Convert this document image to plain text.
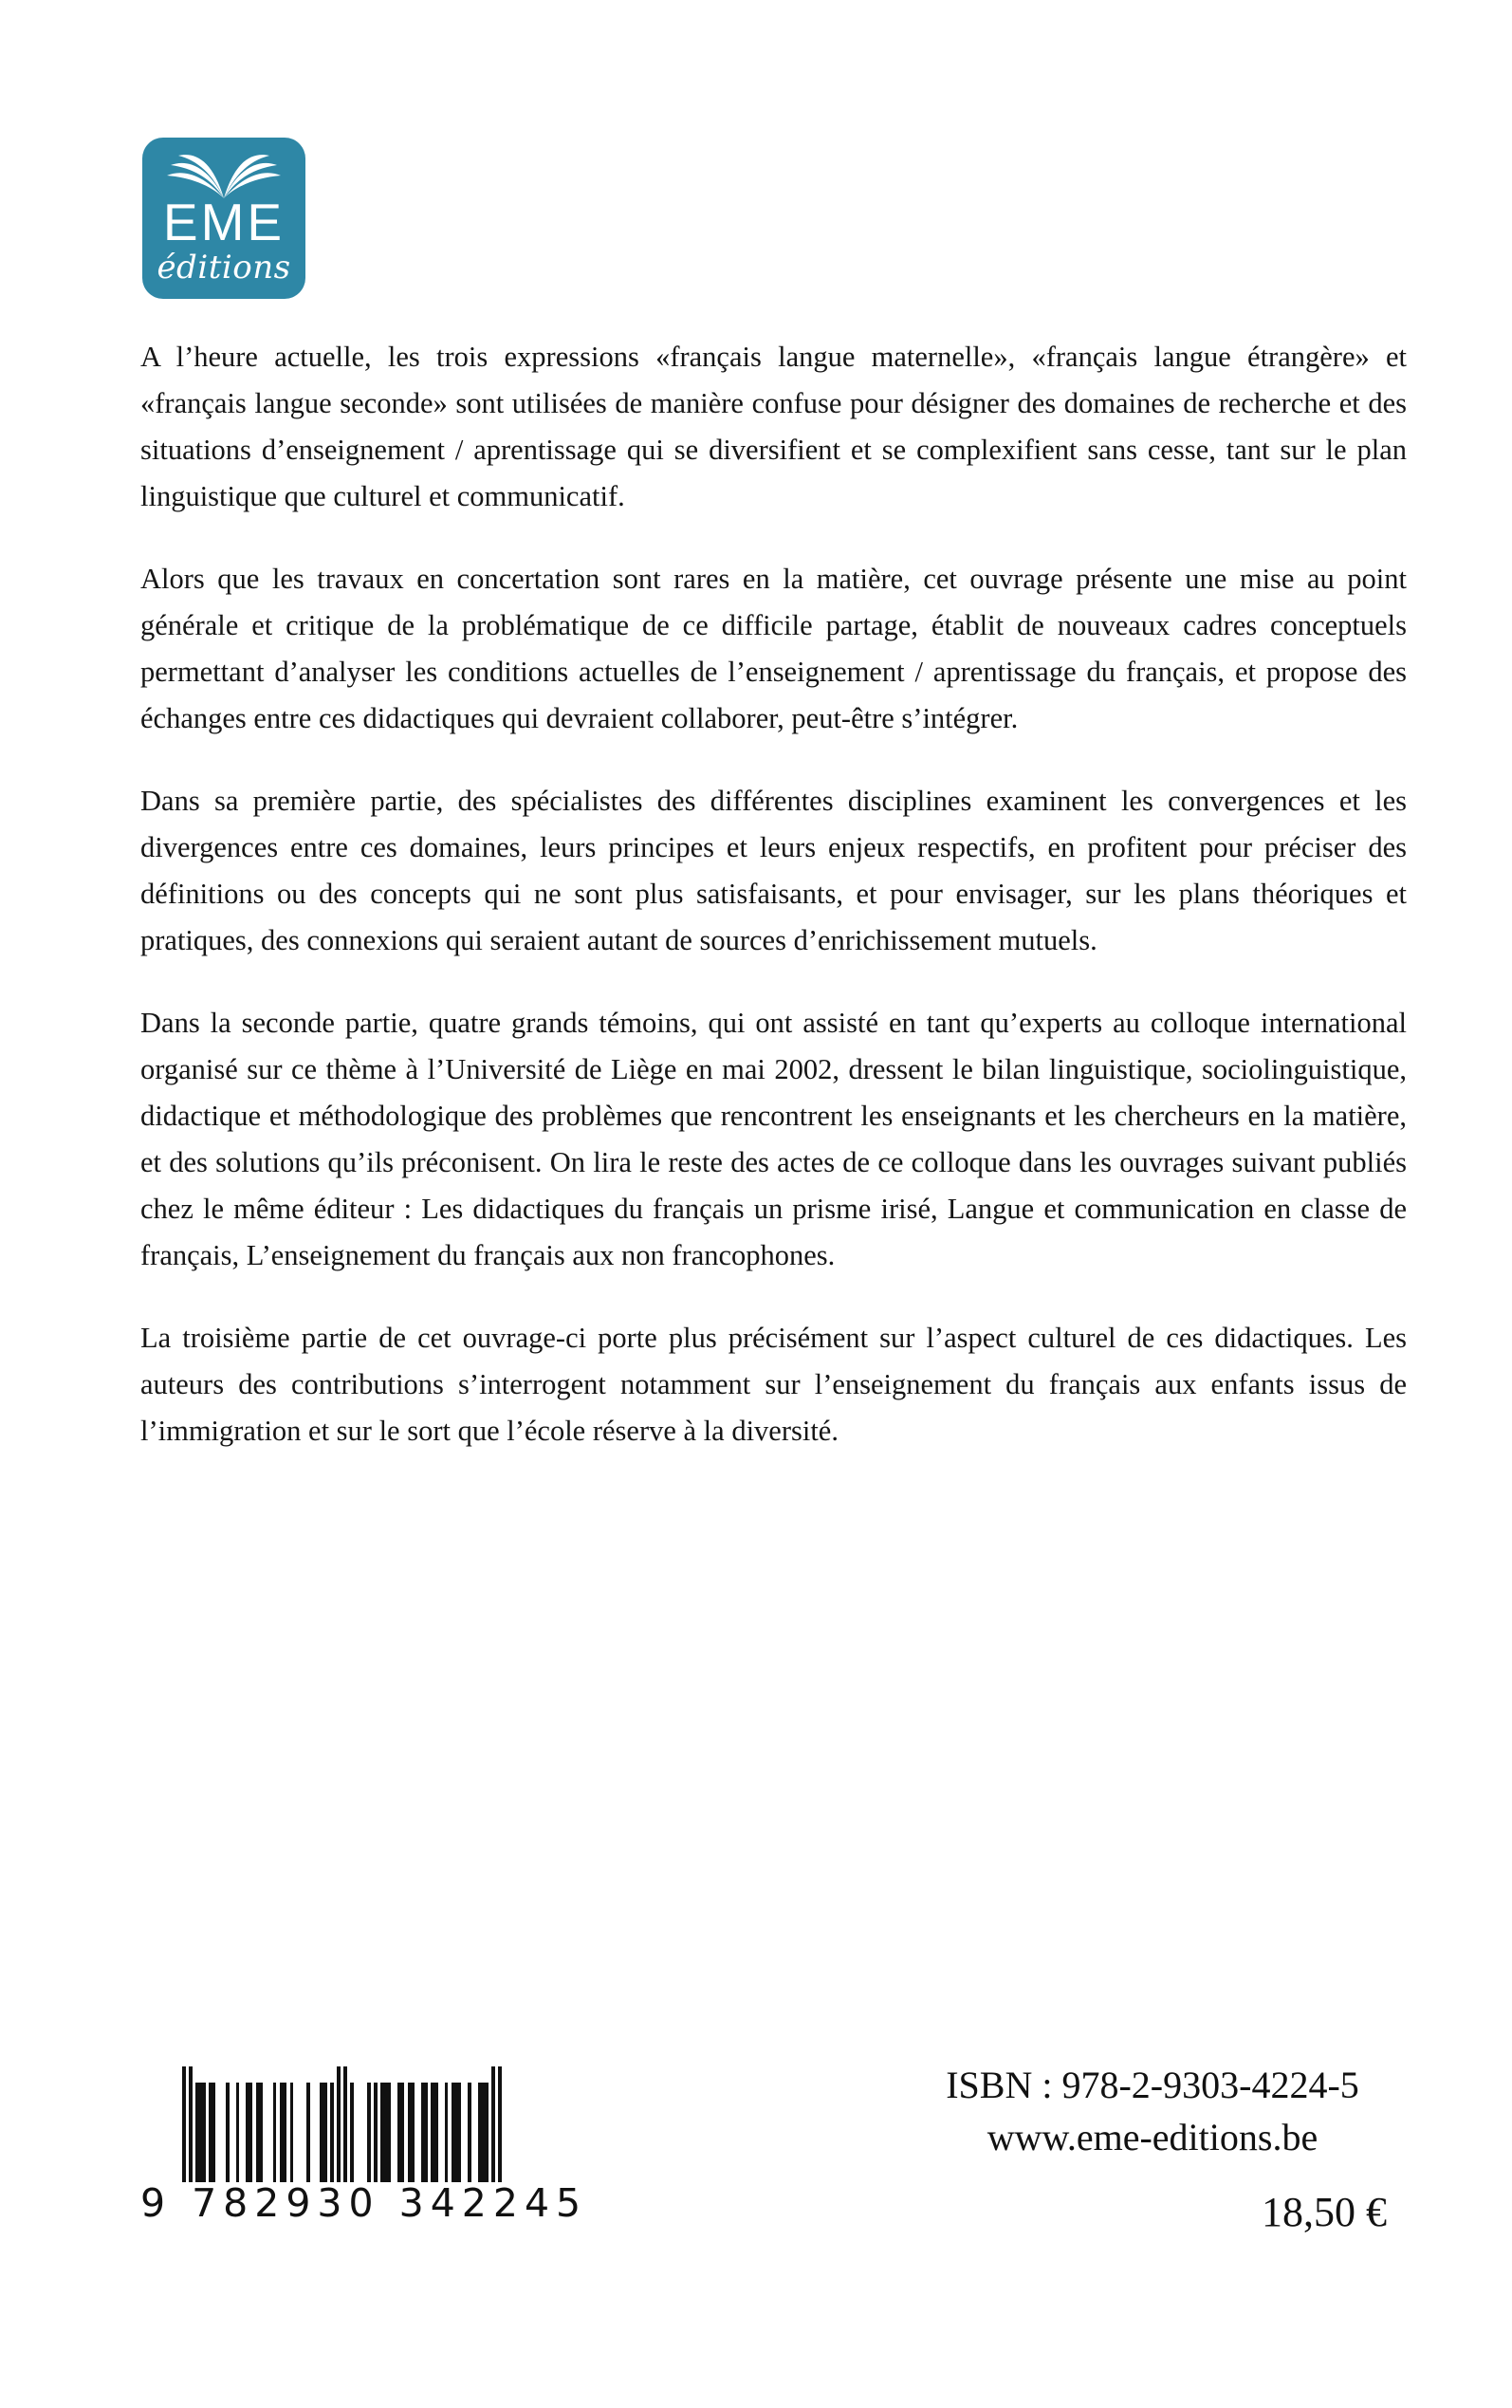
EME
éditions

A l’heure actuelle, les trois expressions «français langue maternelle», «français langue étrangère» et «français langue seconde» sont utilisées de manière confuse pour désigner des domaines de recherche et des situations d’enseignement / aprentissage qui se diversifient et se complexifient sans cesse, tant sur le plan linguistique que culturel et communicatif.

Alors que les travaux en concertation sont rares en la matière, cet ouvrage présente une mise au point générale et critique de la problématique de ce difficile partage, établit de nouveaux cadres conceptuels permettant d’analyser les conditions actuelles de l’enseignement / aprentissage du français, et propose des échanges entre ces didactiques qui devraient collaborer, peut-être s’intégrer.

Dans sa première partie, des spécialistes des différentes disciplines examinent les convergences et les divergences entre ces domaines, leurs principes et leurs enjeux respectifs, en profitent pour préciser des définitions ou des concepts qui ne sont plus satisfaisants, et pour envisager, sur les plans théoriques et pratiques, des connexions qui seraient autant de sources d’enrichissement mutuels.

Dans la seconde partie, quatre grands témoins, qui ont assisté en tant qu’experts au colloque international organisé sur ce thème à l’Université de Liège en mai 2002, dressent le bilan linguistique, sociolinguistique, didactique et méthodologique des problèmes que rencontrent les enseignants et les chercheurs en la matière, et des solutions qu’ils préconisent. On lira le reste des actes de ce colloque dans les ouvrages suivant publiés chez le même éditeur : Les didactiques du français un prisme irisé, Langue et communication en classe de français, L’enseignement du français aux non francophones.

La troisième partie de cet ouvrage-ci porte plus précisément sur l’aspect culturel de ces didactiques. Les auteurs des contributions s’interrogent notamment sur l’enseignement du français aux enfants issus de l’immigration et sur le sort que l’école réserve à la diversité.

9 782930 342245
ISBN : 978-2-9303-4224-5
www.eme-editions.be
18,50 €
